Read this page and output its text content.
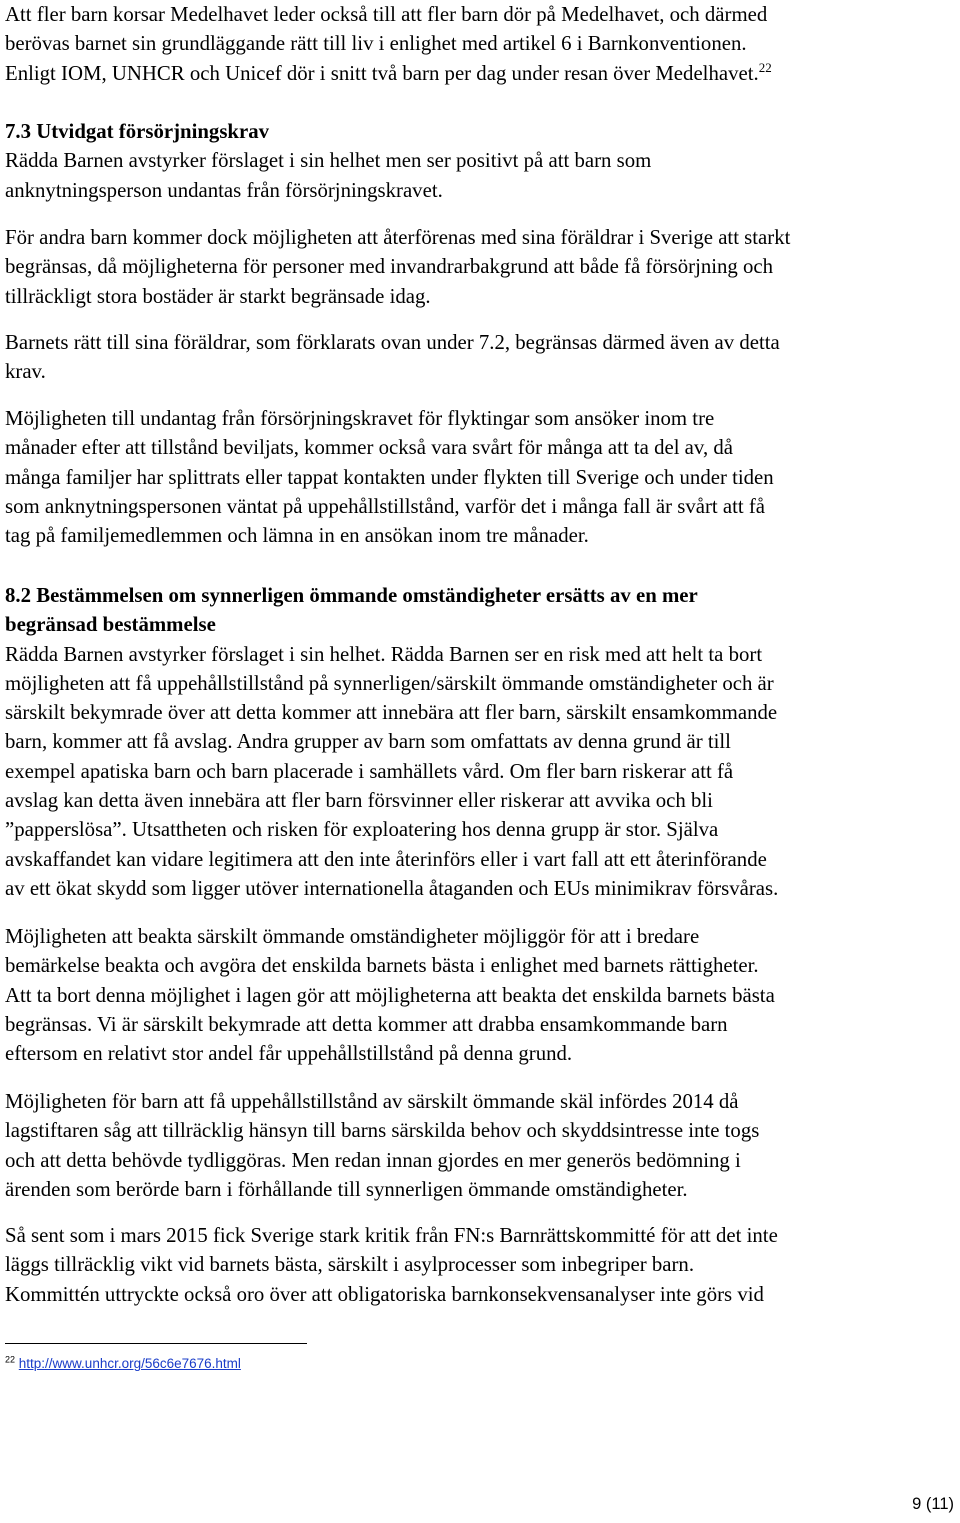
Att fler barn korsar Medelhavet leder också till att fler barn dör på Medelhavet, och därmed
berövas barnet sin grundläggande rätt till liv i enlighet med artikel 6 i Barnkonventionen.
Enligt IOM, UNHCR och Unicef dör i snitt två barn per dag under resan över Medelhavet.$^{22}$
7.3 Utvidgat försörjningskrav
Rädda Barnen avstyrker förslaget i sin helhet men ser positivt på att barn som
anknytningsperson undantas från försörjningskravet.
För andra barn kommer dock möjligheten att återförenas med sina föräldrar i Sverige att starkt
begränsas, då möjligheterna för personer med invandrarbakgrund att både få försörjning och
tillräckligt stora bostäder är starkt begränsade idag.
Barnets rätt till sina föräldrar, som förklarats ovan under 7.2, begränsas därmed även av detta
krav.
Möjligheten till undantag från försörjningskravet för flyktingar som ansöker inom tre
månader efter att tillstånd beviljats, kommer också vara svårt för många att ta del av, då
många familjer har splittrats eller tappat kontakten under flykten till Sverige och under tiden
som anknytningspersonen väntat på uppehållstillstånd, varför det i många fall är svårt att få
tag på familjemedlemmen och lämna in en ansökan inom tre månader.
8.2 Bestämmelsen om synnerligen ömmande omständigheter ersätts av en mer
begränsad bestämmelse
Rädda Barnen avstyrker förslaget i sin helhet. Rädda Barnen ser en risk med att helt ta bort
möjligheten att få uppehållstillstånd på synnerligen/särskilt ömmande omständigheter och är
särskilt bekymrade över att detta kommer att innebära att fler barn, särskilt ensamkommande
barn, kommer att få avslag. Andra grupper av barn som omfattats av denna grund är till
exempel apatiska barn och barn placerade i samhällets vård. Om fler barn riskerar att få
avslag kan detta även innebära att fler barn försvinner eller riskerar att avvika och bli
”papperslösa”. Utsattheten och risken för exploatering hos denna grupp är stor. Själva
avskaffandet kan vidare legitimera att den inte återinförs eller i vart fall att ett återinförande
av ett ökat skydd som ligger utöver internationella åtaganden och EUs minimikrav försvåras.
Möjligheten att beakta särskilt ömmande omständigheter möjliggör för att i bredare
bemärkelse beakta och avgöra det enskilda barnets bästa i enlighet med barnets rättigheter.
Att ta bort denna möjlighet i lagen gör att möjligheterna att beakta det enskilda barnets bästa
begränsas. Vi är särskilt bekymrade att detta kommer att drabba ensamkommande barn
eftersom en relativt stor andel får uppehållstillstånd på denna grund.
Möjligheten för barn att få uppehållstillstånd av särskilt ömmande skäl infördes 2014 då
lagstiftaren såg att tillräcklig hänsyn till barns särskilda behov och skyddsintresse inte togs
och att detta behövde tydliggöras. Men redan innan gjordes en mer generös bedömning i
ärenden som berörde barn i förhållande till synnerligen ömmande omständigheter.
Så sent som i mars 2015 fick Sverige stark kritik från FN:s Barnrättskommitté för att det inte
läggs tillräcklig vikt vid barnets bästa, särskilt i asylprocesser som inbegriper barn.
Kommittén uttryckte också oro över att obligatoriska barnkonsekvensanalyser inte görs vid
$^{22}$ http://www.unhcr.org/56c6e7676.html
9 (11)
